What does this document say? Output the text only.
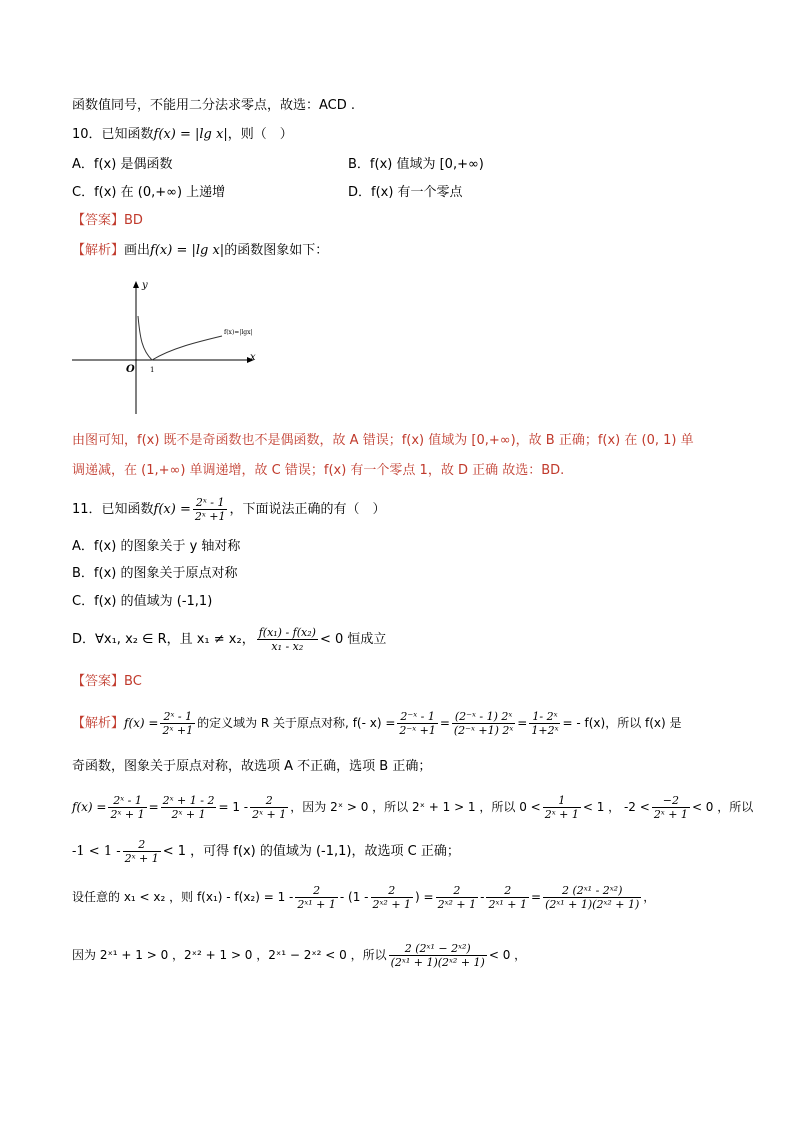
函数值同号，不能用二分法求零点，故选：ACD .
10．已知函数f(x) = |lg x|，则（　）
A．f(x) 是偶函数	B．f(x) 值域为 [0,+∞)
C．f(x) 在 (0,+∞) 上递增	D．f(x) 有一个零点
【答案】BD
【解析】画出f(x) = |lg x|的函数图象如下：
y
x
O 1
f(x)=|lgx|
由图可知，f(x) 既不是奇函数也不是偶函数，故 A 错误；f(x) 值域为 [0,+∞)，故 B 正确；f(x) 在 (0, 1) 单
调递减，在 (1,+∞) 单调递增，故 C 错误；f(x) 有一个零点 1，故 D 正确 故选：BD.
11．已知函数$f(x) = \frac{\text{2ˣ - 1}}{\text{2ˣ +1}}$ ，下面说法正确的有（　）
A．f(x) 的图象关于 y 轴对称
B．f(x) 的图象关于原点对称
C．f(x) 的值域为 (-1,1)
D．∀x₁, x₂ ∈ R，且 x₁ ≠ x₂， $\frac{\text{f(x₁) - f(x₂)}}{\text{x₁ - x₂}} < 0$ 恒成立
【答案】BC
【解析】$f(x) = \frac{\text{2ˣ - 1}}{\text{2ˣ +1}}$ 的定义域为 R 关于原点对称, f(- $x) = \frac{\text{2⁻ˣ - 1}}{\text{2⁻ˣ +1}} = \frac{\text{(2⁻ˣ - 1) 2ˣ}}{\text{(2⁻ˣ +1) 2ˣ}} = \frac{\text{1- 2ˣ}}{\text{1+2ˣ}}$ = - f(x)，所以 f(x) 是
奇函数，图象关于原点对称，故选项 A 不正确，选项 B 正确；
$f(x) = \frac{\text{2ˣ - 1}}{\text{2ˣ + 1}} = \frac{\text{2ˣ + 1 - 2}}{\text{2ˣ + 1}} = 1 - \frac{2}{\text{2ˣ + 1}}$ ，因为 2ˣ > 0 ，所以 2ˣ + 1 > 1 ，所以 $0 < \frac{1}{\text{2ˣ + 1}} < 1$ ， $-2 < \frac{-2}{\text{2ˣ + 1}} < 0$ ，所以
$-1 < 1 - \frac{2}{\text{2ˣ + 1}} < 1$ ，可得 f(x) 的值域为 (-1,1)，故选项 C 正确；
设任意的 x₁ < x₂ ，则 $f(x_1) - f(x_2) = 1 - \frac{2}{\text{2ˣ¹ + 1}} - (1 - \frac{2}{\text{2ˣ² + 1}}$ ) = $\frac{2}{\text{2ˣ² + 1}} - \frac{2}{\text{2ˣ¹ + 1}} = \frac{\text{2 (2ˣ¹ - 2ˣ²)}}{\text{(2ˣ¹ + 1)(2ˣ² + 1)}}$ ，
因为 2ˣ¹ + 1 > 0 ，2ˣ² + 1 > 0 ，2ˣ¹ − 2ˣ² < 0 ，所以 $\frac{\text{2 (2ˣ¹ − 2ˣ²)}}{\text{(2ˣ¹ + 1)(2ˣ² + 1)}} < 0$ ，
